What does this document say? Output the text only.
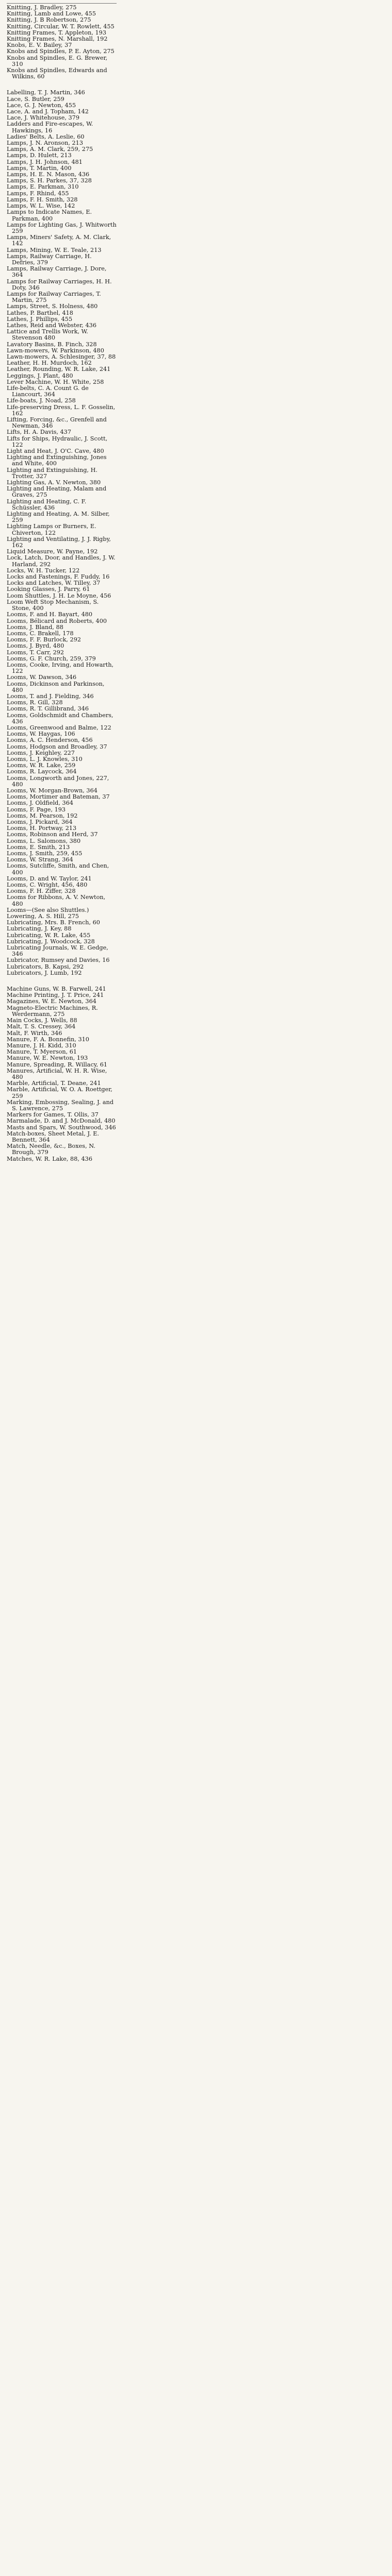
Knitting, J. Bradley, 275

Knitting, Lamb and Lowe, 455

Knitting, J. B Robertson, 275

Knitting, Circular, W. T. Rowlett, 455

Knitting Frames, T. Appleton, 193

Knitting Frames, N. Marshall, 192

Knobs, E. V. Bailey, 37

Knobs and Spindles, P. E. Ayton, 275

Knobs and Spindles, E. G. Brewer, 310

Knobs and Spindles, Edwards and Wilkins, 60

Labelling, T. J. Martin, 346

Lace, S. Butler, 259

Lace, G. J. Newton, 455

Lace, A. and J. Topham, 142

Lace, J. Whitehouse, 379

Ladders and Fire-escapes, W. Hawkings, 16

Ladies' Belts, A. Leslie, 60

Lamps, J. N. Aronson, 213

Lamps, A. M. Clark, 259, 275

Lamps, D. Hulett, 213

Lamps, J. H. Johnson, 481

Lamps, T. Martin, 400

Lamps, H. E. N. Mason, 436

Lamps, S. H. Parkes, 37, 328

Lamps, E. Parkman, 310

Lamps, F. Rhind, 455

Lamps, F. H. Smith, 328

Lamps, W. L. Wise, 142

Lamps to Indicate Names, E. Parkman, 400

Lamps for Lighting Gas, J. Whitworth 259

Lamps, Miners' Safety, A. M. Clark, 142

Lamps, Mining, W. E. Teale, 213

Lamps, Railway Carriage, H. Defries, 379

Lamps, Railway Carriage, J. Dore, 364

Lamps for Railway Carriages, H. H. Doty, 346

Lamps for Railway Carriages, T. Martin, 275

Lamps, Street, S. Holness, 480

Lathes, P. Barthel, 418

Lathes, J. Phillips, 455

Lathes, Reid and Webster, 436

Lattice and Trellis Work, W. Stevenson 480

Lavatory Basins, B. Finch, 328

Lawn-mowers, W. Parkinson, 480

Lawn-mowers, A. Schlesinger, 37, 88

Leather, H. H. Murdoch, 162

Leather, Rounding, W. R. Lake, 241

Leggings, J. Plant, 480

Lever Machine, W. H. White, 258

Life-belts, C. A. Count G. de Liancourt, 364

Life-boats, J. Noad, 258

Life-preserving Dress, L. F. Gosselin, 162

Lifting, Forcing, &c., Grenfell and Newman, 346

Lifts, H. A. Davis, 437

Lifts for Ships, Hydraulic, J. Scott, 122

Light and Heat, J. O'C. Cave, 480

Lighting and Extinguishing, Jones and White, 400

Lighting and Extinguishing, H. Trotter, 327

Lighting Gas, A. V. Newton, 380

Lighting and Heating, Malam and Graves, 275

Lighting and Heating, C. F. Schüssler, 436

Lighting and Heating, A. M. Silber, 259

Lighting Lamps or Burners, E. Chiverton, 122

Lighting and Ventilating, J. J. Rigby, 162

Liquid Measure, W. Payne, 192

Lock, Latch, Door, and Handles, J. W. Harland, 292

Locks, W. H. Tucker, 122

Locks and Fastenings, F. Fuddy, 16

Locks and Latches, W. Tilley, 37

Looking Glasses, J. Parry, 61

Loom Shuttles, J. H. Le Moyne, 456

Loom Weft Stop Mechanism, S. Stone, 400

Looms, F. and H. Bayart, 480

Looms, Bélicard and Roberts, 400

Looms, J. Bland, 88

Looms, C. Brakell, 178

Looms, F. F. Burlock, 292

Looms, J. Byrd, 480

Looms, T. Carr, 292

Looms, G. F. Church, 259, 379

Looms, Cooke, Irving, and Howarth, 122

Looms, W. Dawson, 346

Looms, Dickinson and Parkinson, 480

Looms, T. and J. Fielding, 346

Looms, R. Gill, 328

Looms, R. T. Gillibrand, 346

Looms, Goldschmidt and Chambers, 436

Looms, Greenwood and Balme, 122

Looms, W. Haygas, 106

Looms, A. C. Henderson, 456

Looms, Hodgson and Broadley, 37

Looms, J. Keighley, 227

Looms, L. J. Knowles, 310

Looms, W. R. Lake, 259

Looms, R. Laycock, 364

Looms, Longworth and Jones, 227, 480

Looms, W. Morgan-Brown, 364

Looms, Mortimer and Bateman, 37

Looms, J. Oldfield, 364

Looms, F. Page, 193

Looms, M. Pearson, 192

Looms, J. Pickard, 364

Looms, H. Portway, 213

Looms, Robinson and Herd, 37

Looms, L. Salomons, 380

Looms, E. Smith, 213

Looms, J. Smith, 259, 455

Looms, W. Strang, 364

Looms, Sutcliffe, Smith, and Chen, 400

Looms, D. and W. Taylor, 241

Looms, C. Wright, 456, 480

Looms, F. H. Ziffer, 328

Looms for Ribbons, A. V. Newton, 480

Looms—(See also Shuttles.)

Lowering, A. S. Hill, 275

Lubricating, Mrs. B. French, 60

Lubricating, J. Key, 88

Lubricating, W. R. Lake, 455

Lubricating, J. Woodcock, 328

Lubricating Journals, W. E. Gedge, 346

Lubricator, Rumsey and Davies, 16

Lubricators, B. Kapsi, 292

Lubricators, J. Lumb, 192

Machine Guns, W. B. Farwell, 241

Machine Printing, J. T. Price, 241

Magazines, W. E. Newton, 364

Magneto-Electric Machines, R. Werdermann, 275

Main Cocks, J. Wells, 88

Malt, T. S. Cressey, 364

Malt, F. Wirth, 346

Manure, F. A. Bonnefin, 310

Manure, J. H. Kidd, 310

Manure, T. Myerson, 61

Manure, W. E. Newton, 193

Manure, Spreading, R. Willacy, 61

Manures, Artificial, W. H. R. Wise, 480

Marble, Artificial, T. Deane, 241

Marble, Artificial, W. O. A. Roettger, 259

Marking, Embossing, Sealing, J. and S. Lawrence, 275

Markers for Games, T. Ollis, 37

Marmalade, D. and J. McDonald, 480

Masts and Spars, W. Southwood, 346

Match-boxes, Sheet Metal, J. E. Bennett, 364

Match, Needle, &c., Boxes, N. Brough, 379

Matches, W. R. Lake, 88, 436
